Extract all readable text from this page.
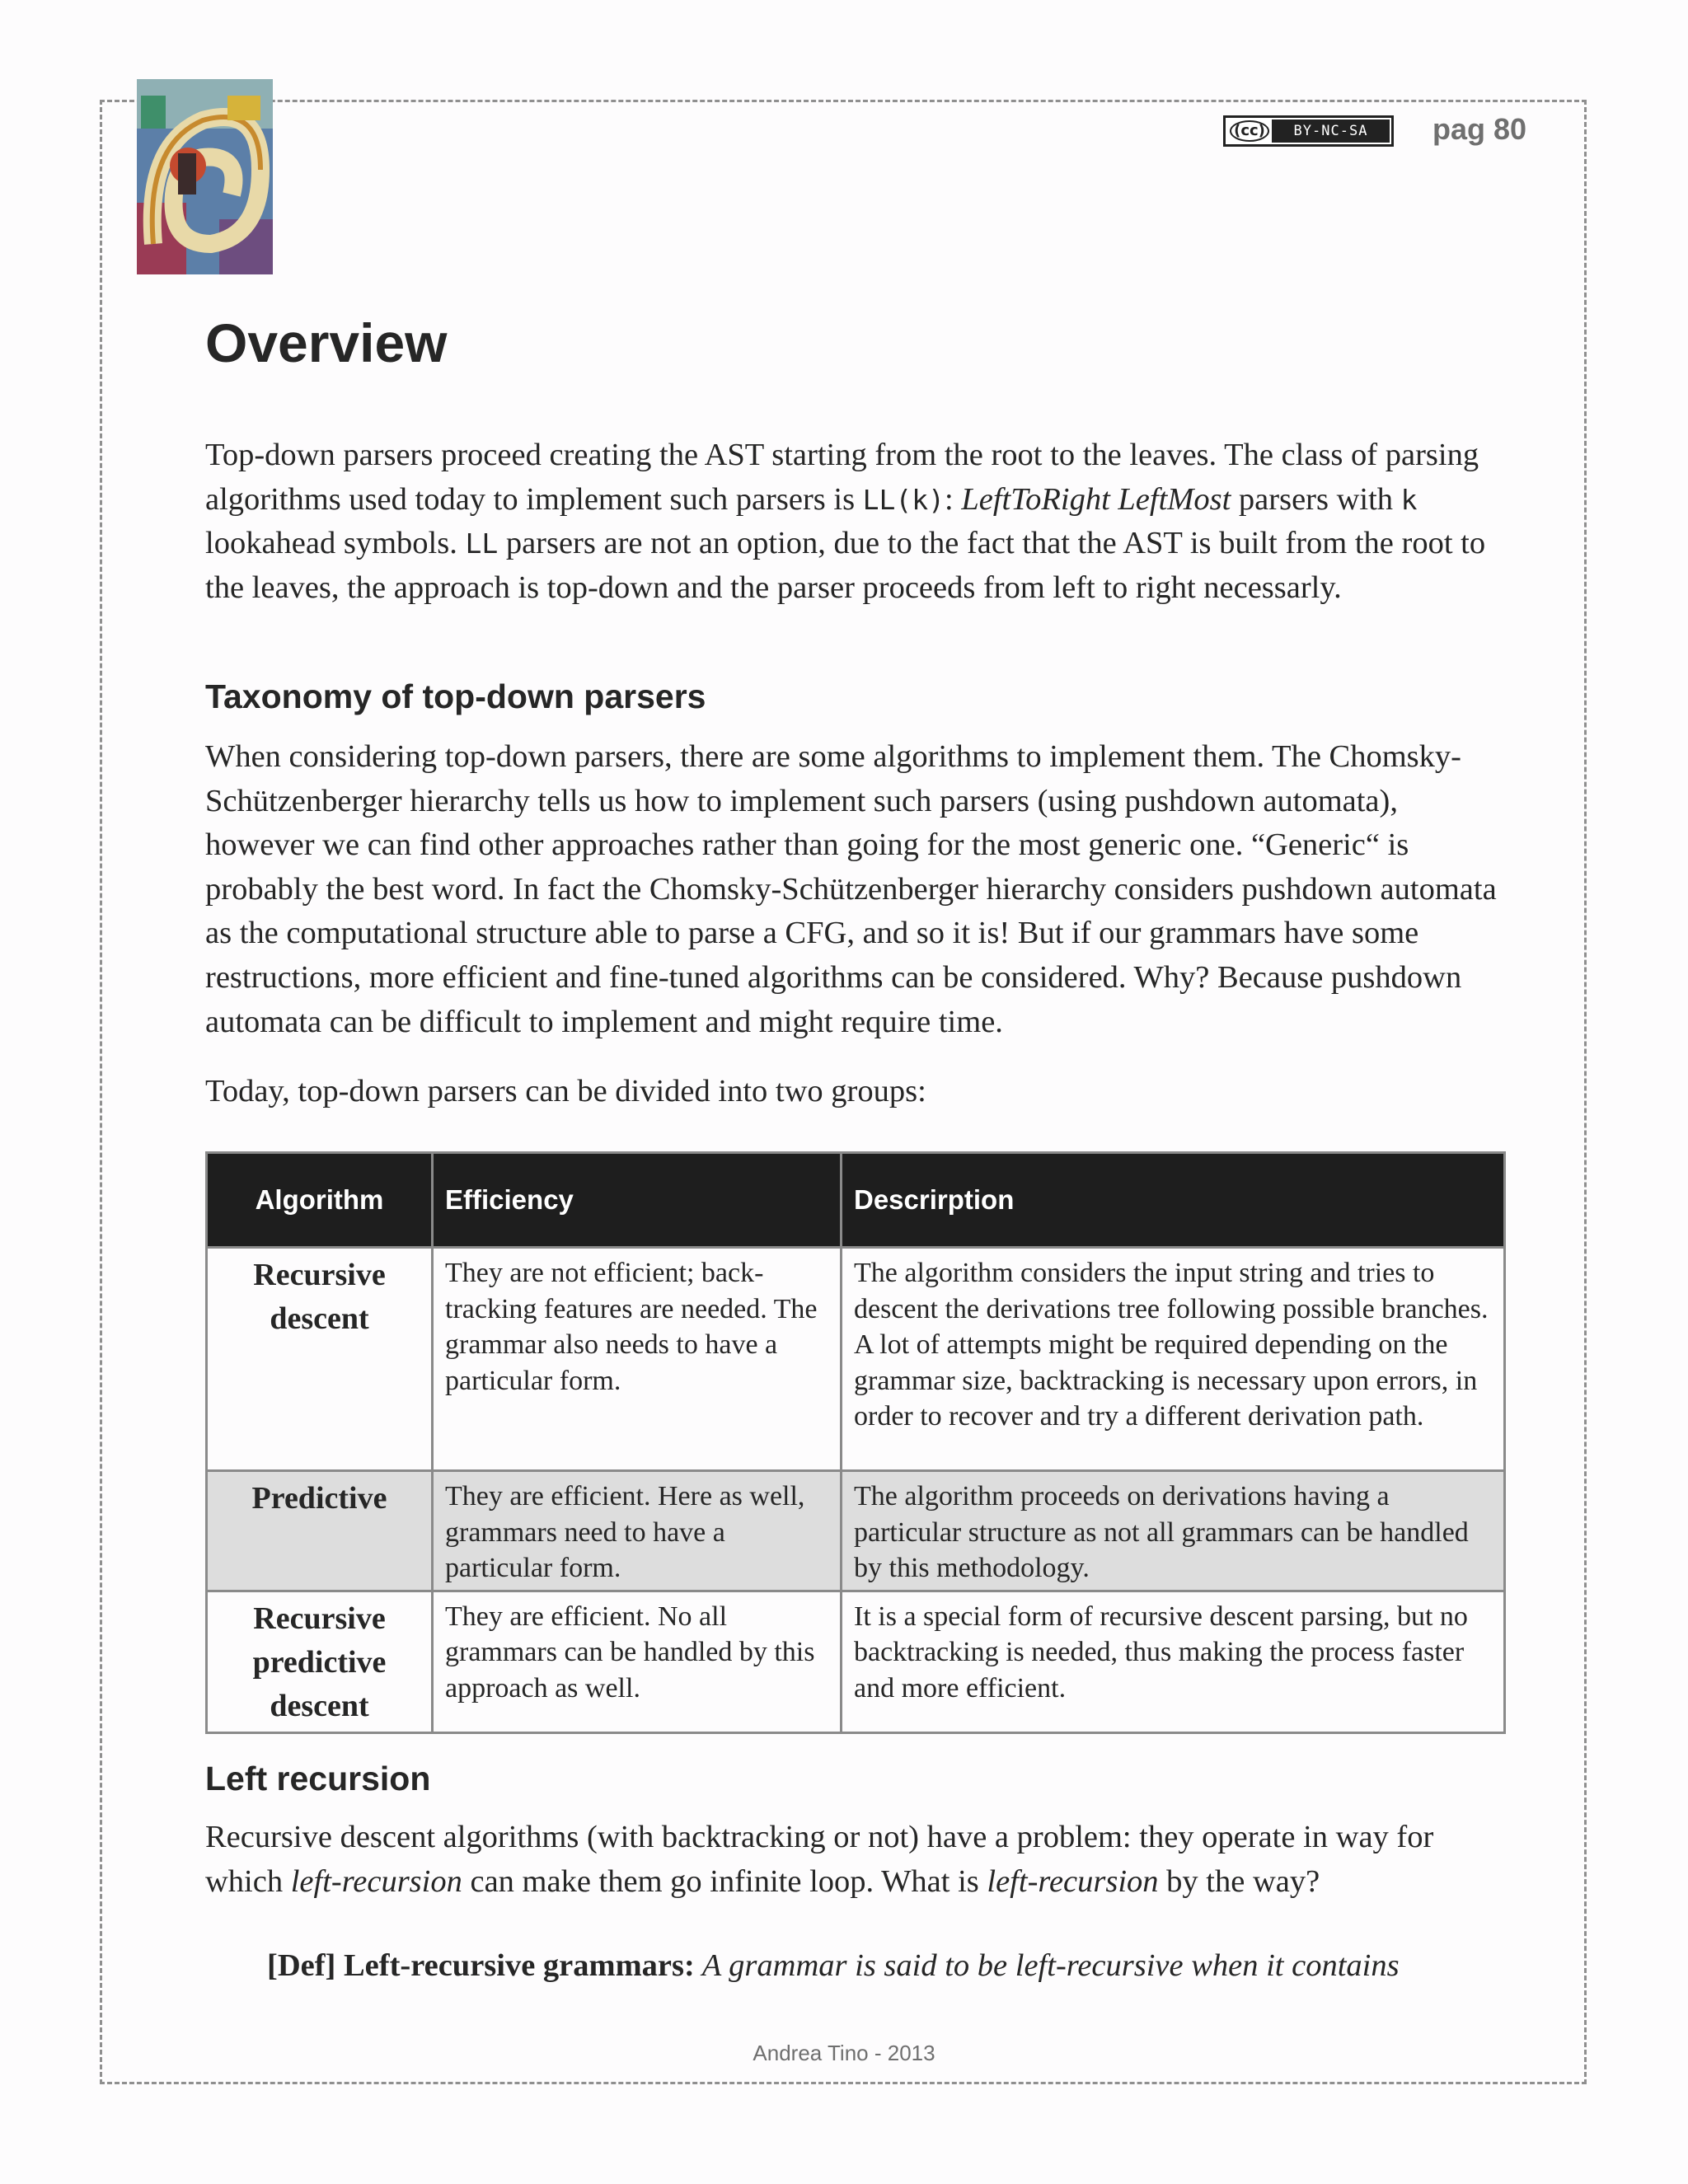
(cc)	BY-NC-SA	pag 80
Overview

Top-down parsers proceed creating the AST starting from the root to the leaves. The class of parsing algorithms used today to implement such parsers is LL(k): LeftToRight LeftMost parsers with k lookahead symbols. LL parsers are not an option, due to the fact that the AST is built from the root to the leaves, the approach is top-down and the parser proceeds from left to right necessarly.

Taxonomy of top-down parsers

When considering top-down parsers, there are some algorithms to implement them. The Chomsky-Schützenberger hierarchy tells us how to implement such parsers (using pushdown automata), however we can find other approaches rather than going for the most generic one. “Generic“ is probably the best word. In fact the Chomsky-Schützenberger hierarchy considers pushdown automata as the computational structure able to parse a CFG, and so it is! But if our grammars have some restructions, more efficient and fine-tuned algorithms can be considered. Why? Because pushdown automata can be difficult to implement and might require time.

Today, top-down parsers can be divided into two groups:

Algorithm	Efficiency	Descrirption
Recursive descent	They are not efficient; back-tracking features are needed. The grammar also needs to have a particular form.	The algorithm considers the input string and tries to descent the derivations tree following possible branches. A lot of attempts might be required depending on the grammar size, backtracking is necessary upon errors, in order to recover and try a different derivation path.
Predictive	They are efficient. Here as well, grammars need to have a particular form.	The algorithm proceeds on derivations having a particular structure as not all grammars can be handled by this methodology.
Recursive predictive descent	They are efficient. No all grammars can be handled by this approach as well.	It is a special form of recursive descent parsing, but no backtracking is needed, thus making the process faster and more efficient.
Left recursion

Recursive descent algorithms (with backtracking or not) have a problem: they operate in way for which left-recursion can make them go infinite loop. What is left-recursion by the way?

[Def] Left-recursive grammars: A grammar is said to be left-recursive when it contains

Andrea Tino - 2013
